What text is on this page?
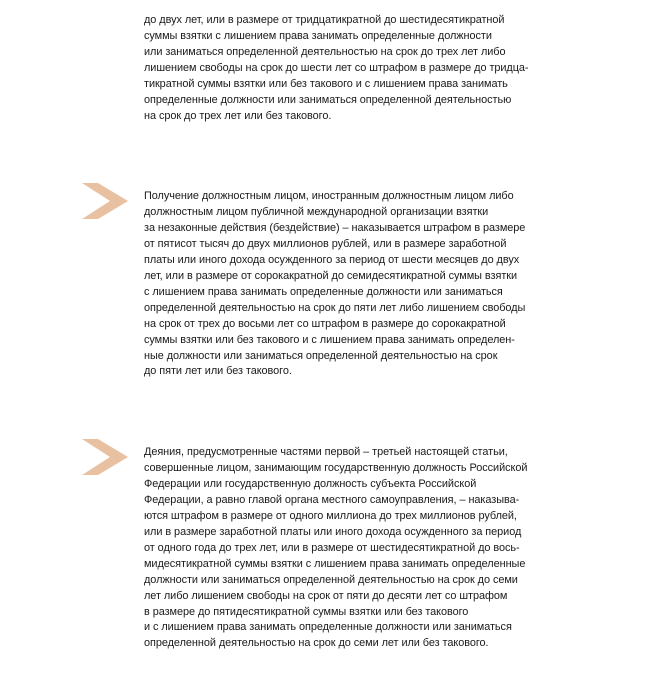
до двух лет, или в размере от тридцатикратной до шестидесятикратной
суммы взятки с лишением права занимать определенные должности
или заниматься определенной деятельностью на срок до трех лет либо
лишением свободы на срок до шести лет со штрафом в размере до тридца-
тикратной суммы взятки или без такового и с лишением права занимать
определенные должности или заниматься определенной деятельностью
на срок до трех лет или без такового.
Получение должностным лицом, иностранным должностным лицом либо
должностным лицом публичной международной организации взятки
за незаконные действия (бездействие) – наказывается штрафом в размере
от пятисот тысяч до двух миллионов рублей, или в размере заработной
платы или иного дохода осужденного за период от шести месяцев до двух
лет, или в размере от сорокакратной до семидесятикратной суммы взятки
с лишением права занимать определенные должности или заниматься
определенной деятельностью на срок до пяти лет либо лишением свободы
на срок от трех до восьми лет со штрафом в размере до сорокакратной
суммы взятки или без такового и с лишением права занимать определен-
ные должности или заниматься определенной деятельностью на срок
до пяти лет или без такового.
Деяния, предусмотренные частями первой – третьей настоящей статьи,
совершенные лицом, занимающим государственную должность Российской
Федерации или государственную должность субъекта Российской
Федерации, а равно главой органа местного самоуправления, – наказыва-
ются штрафом в размере от одного миллиона до трех миллионов рублей,
или в размере заработной платы или иного дохода осужденного за период
от одного года до трех лет, или в размере от шестидесятикратной до вось-
мидесятикратной суммы взятки с лишением права занимать определенные
должности или заниматься определенной деятельностью на срок до семи
лет либо лишением свободы на срок от пяти до десяти лет со штрафом
в размере до пятидесятикратной суммы взятки или без такового
и с лишением права занимать определенные должности или заниматься
определенной деятельностью на срок до семи лет или без такового.
